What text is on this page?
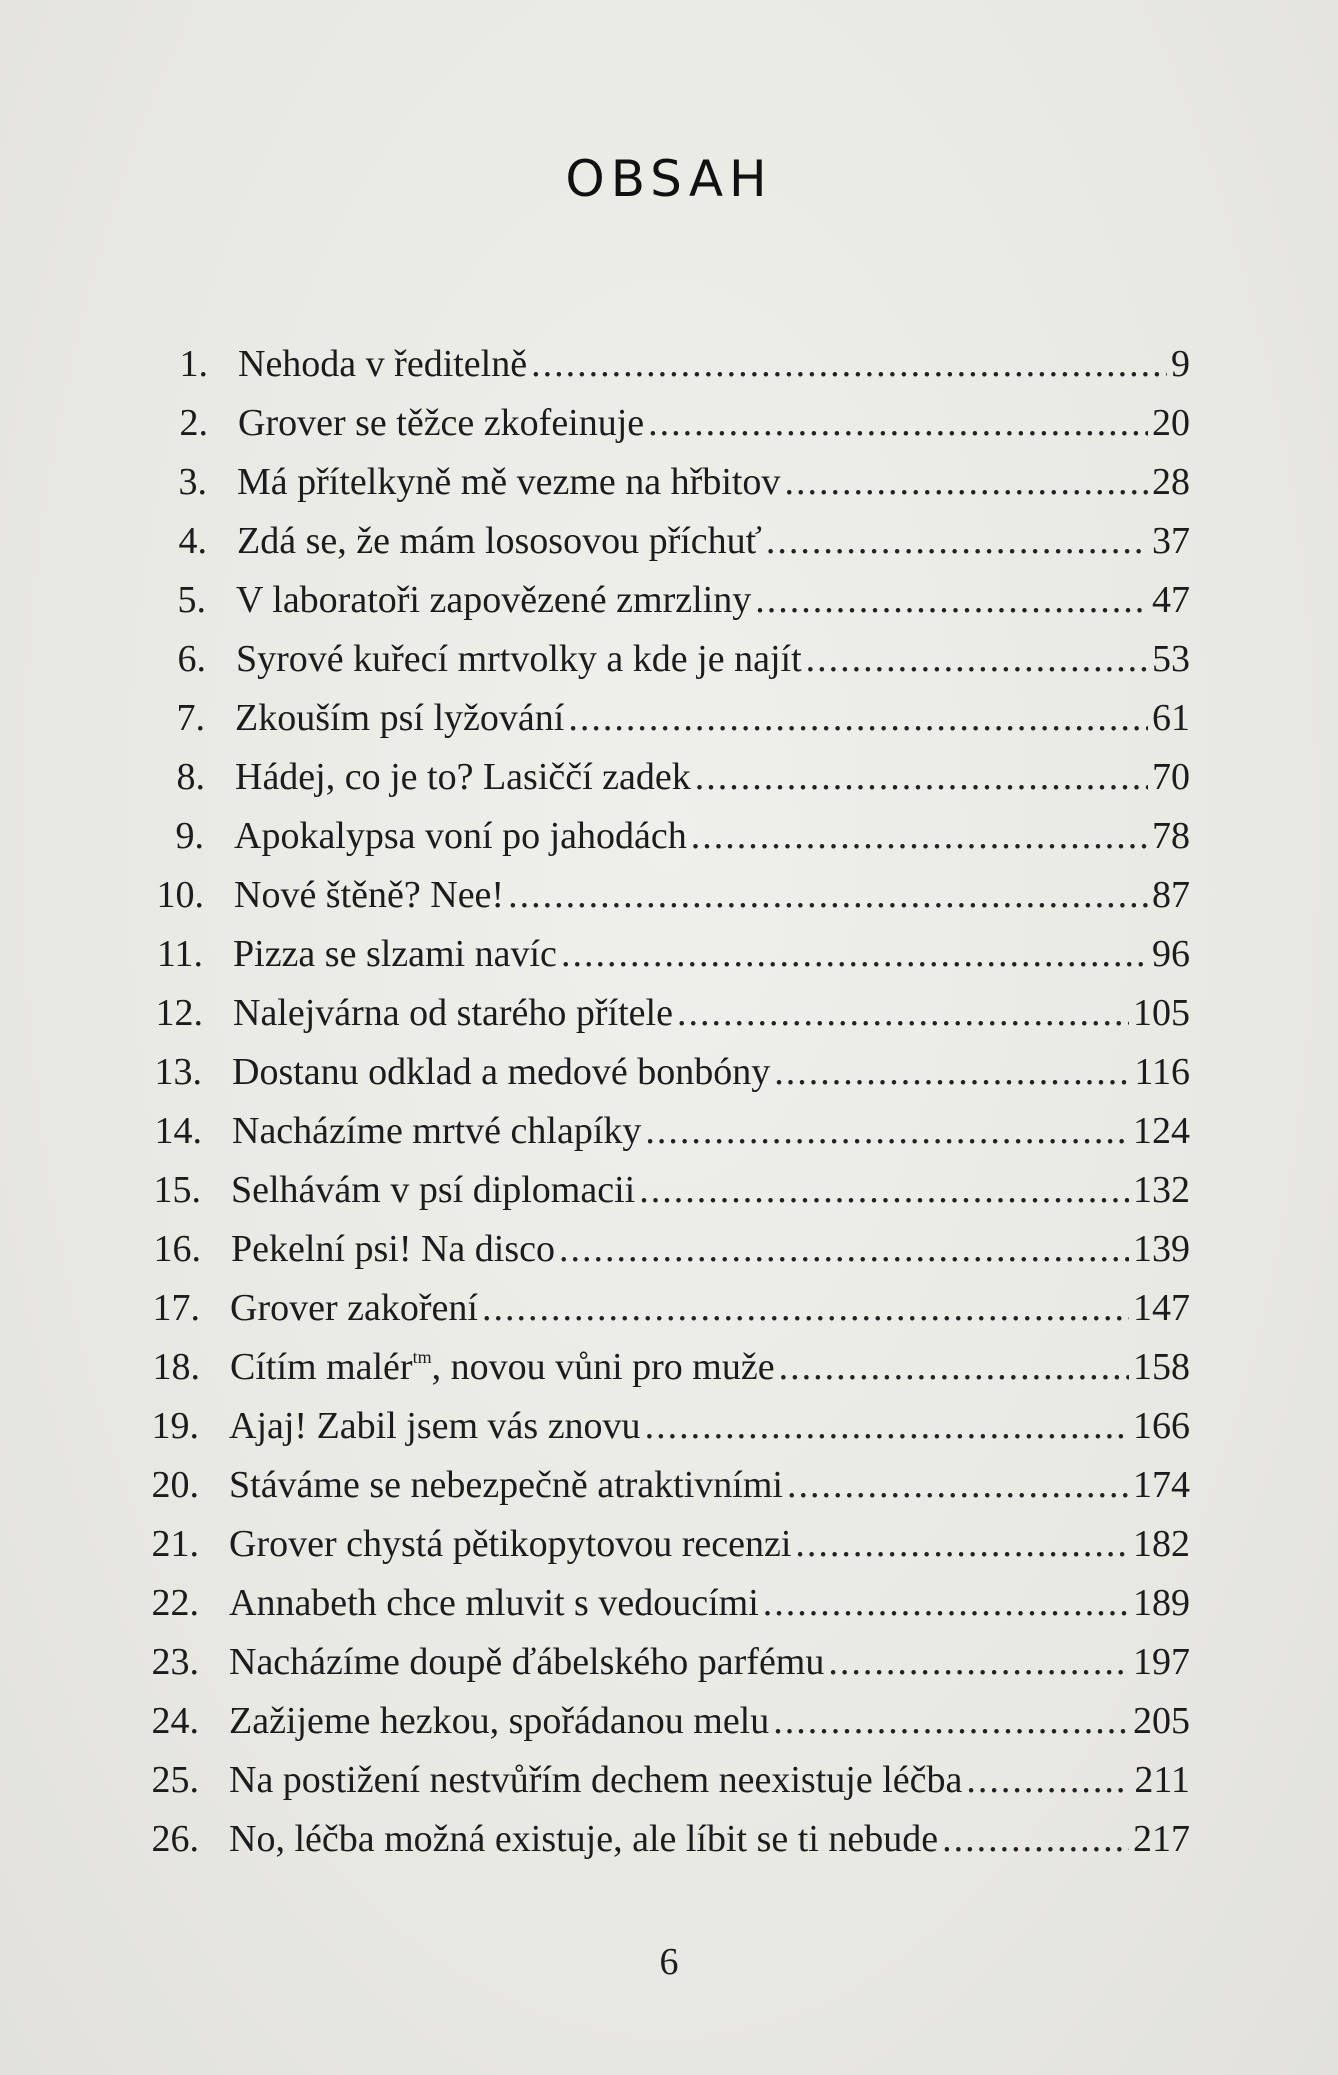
OBSAH
1. Nehoda v ředitelně .....	9
2. Grover se těžce zkofeinuje .....	20
3. Má přítelkyně mě vezme na hřbitov .....	28
4. Zdá se, že mám lososovou příchuť .....	37
5. V laboratoři zapovězené zmrzliny .....	47
6. Syrové kuřecí mrtvolky a kde je najít .....	53
7. Zkouším psí lyžování .....	61
8. Hádej, co je to? Lasiččí zadek .....	70
9. Apokalypsa voní po jahodách .....	78
10. Nové štěně? Nee! .....	87
11. Pizza se slzami navíc .....	96
12. Nalejvárna od starého přítele .....	105
13. Dostanu odklad a medové bonbóny .....	116
14. Nacházíme mrtvé chlapíky .....	124
15. Selhávám v psí diplomacii .....	132
16. Pekelní psi! Na disco .....	139
17. Grover zakoření .....	147
18. Cítím malér$^{tm}$, novou vůni pro muže .....	158
19. Ajaj! Zabil jsem vás znovu .....	166
20. Stáváme se nebezpečně atraktivními .....	174
21. Grover chystá pětikopytovou recenzi .....	182
22. Annabeth chce mluvit s vedoucími .....	189
23. Nacházíme doupě ďábelského parfému .....	197
24. Zažijeme hezkou, spořádanou melu .....	205
25. Na postižení nestvůřím dechem neexistuje léčba .....	211
26. No, léčba možná existuje, ale líbit se ti nebude .....	217
6
